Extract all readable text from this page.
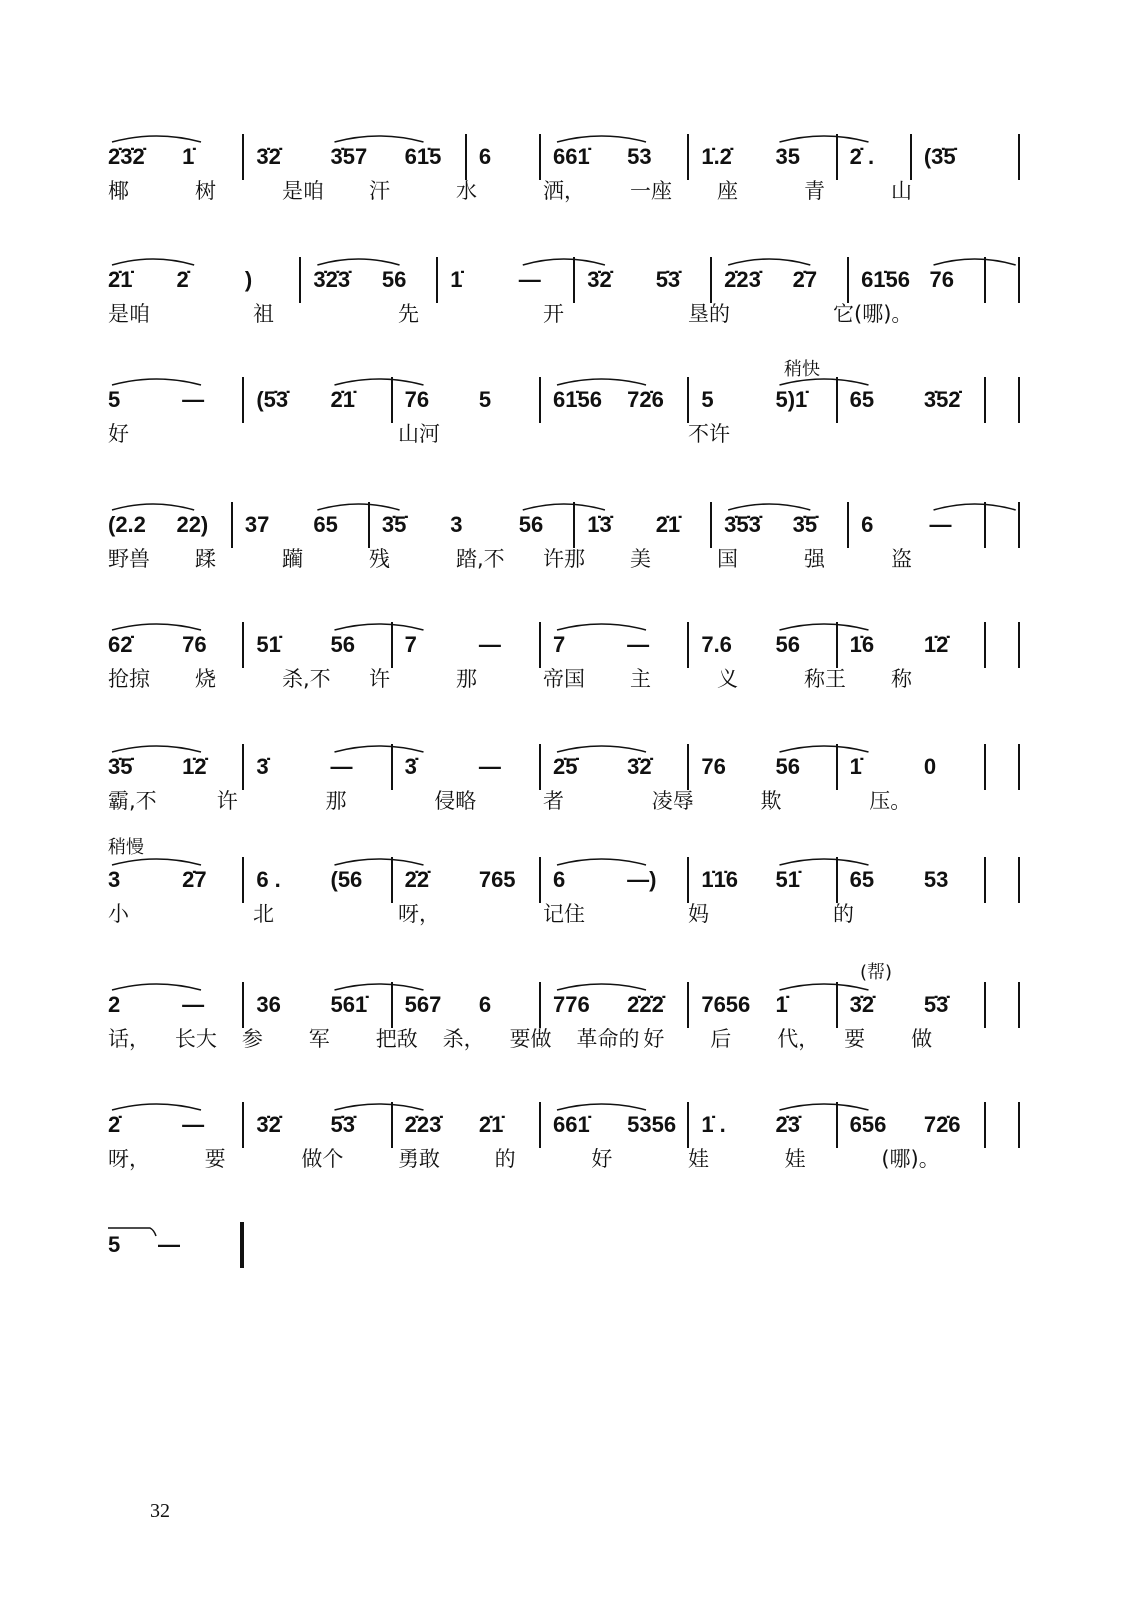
2̇3̇2̇ 1̇	3̇2̇ 3̇57 61̇5 6	661̇ 53 1̇.2̇ 35 2̇ . (3̇5̇
椰	树	是咱 汗	水	洒， 一座 座	青	山
2̇1̇ 2̇	)	3̇2̇3̇ 56 1̇	— 3̇2̇ 5̇3̇ 2̇23̇ 2̇7 61̇56 76
是咱	祖	先	开	垦的	它(哪)。
稍快
5	— (5̇3̇ 2̇1̇ 76 5	61̇56 72̇6 5	5)1̇ 65 3̇52̇
好	山河	不许
(2.2 22) 37 65 3̇5̇ 3	56 1̇3̇ 2̇1̇ 3̇5̇3̇ 3̇5̇ 6	—
野兽 蹂	躏	残	踏,不 许那 美	国	强	盗
62̇ 76 51̇ 56 7	— 7	— 7.6 56 1̇6 1̇2̇
抢掠 烧	杀,不 许	那	帝国 主	义	称王 称
3̇5̇ 1̇2̇ 3̇	— 3̇	— 2̇5̇ 3̇2̇ 76 56 1̇	0
霸,不	许	那	侵略	者	凌辱	欺	压。
稍慢
3	2̇7 6 . (56 2̇2̇ 765 6	—) 1̇1̇6 51̇ 65 53
小	北	呀，	记住	妈	的
(帮)
2	— 36 561̇ 567 6	776 2̇2̇2̇ 7656 1̇	3̇2̇ 5̇3̇
话， 长大 参 军 把敌 杀， 要做 革命的 好 后 代， 要 做
2̇	— 3̇2̇ 5̇3̇ 2̇23̇ 2̇1̇ 661̇ 5356 1̇ . 2̇3̇ 656 72̇6
呀，	要	做个	勇敢	的	好	娃	娃	(哪)。
5 —
32
